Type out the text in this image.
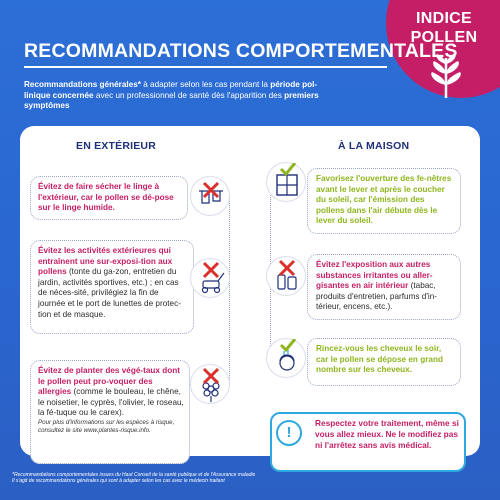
INDICE
POLLEN
RECOMMANDATIONS COMPORTEMENTALES
Recommandations générales* à adapter selon les cas pendant la période pol-linique concernée avec un professionnel de santé dès l'apparition des premiers symptômes
EN EXTÉRIEUR	À LA MAISON
Évitez de faire sécher le linge à l'extérieur, car le pollen se dé-pose sur le linge humide.
Évitez les activités extérieures qui entraînent une sur-exposi-tion aux pollens (tonte du ga-zon, entretien du jardin, activités sportives, etc.) ; en cas de néces-sité, privilégiez la fin de journée et le port de lunettes de protec-tion et de masque.
Évitez de planter des végé-taux dont le pollen peut pro-voquer des allergies (comme le bouleau, le chêne, le noisetier, le cyprès, l'olivier, le roseau, la fé-tuque ou le carex).
Pour plus d'informations sur les espèces à risque, consultez le site www.plantes-risque.info.
Favorisez l'ouverture des fe-nêtres avant le lever et après le coucher du soleil, car l'émission des pollens dans l'air débute dès le lever du soleil.
Évitez l'exposition aux autres substances irritantes ou aller-gisantes en air intérieur (tabac, produits d'entretien, parfums d'in-térieur, encens, etc.).
Rincez-vous les cheveux le soir, car le pollen se dépose en grand nombre sur les cheveux.
!
Respectez votre traitement, même si vous allez mieux. Ne le modifiez pas ni l'arrêtez sans avis médical.
*Recommandations comportementales issues du Haut Conseil de la santé publique et de l'Assurance maladie
Il s'agit de recommandations générales qui sont à adapter selon les cas avec le médecin traitant
